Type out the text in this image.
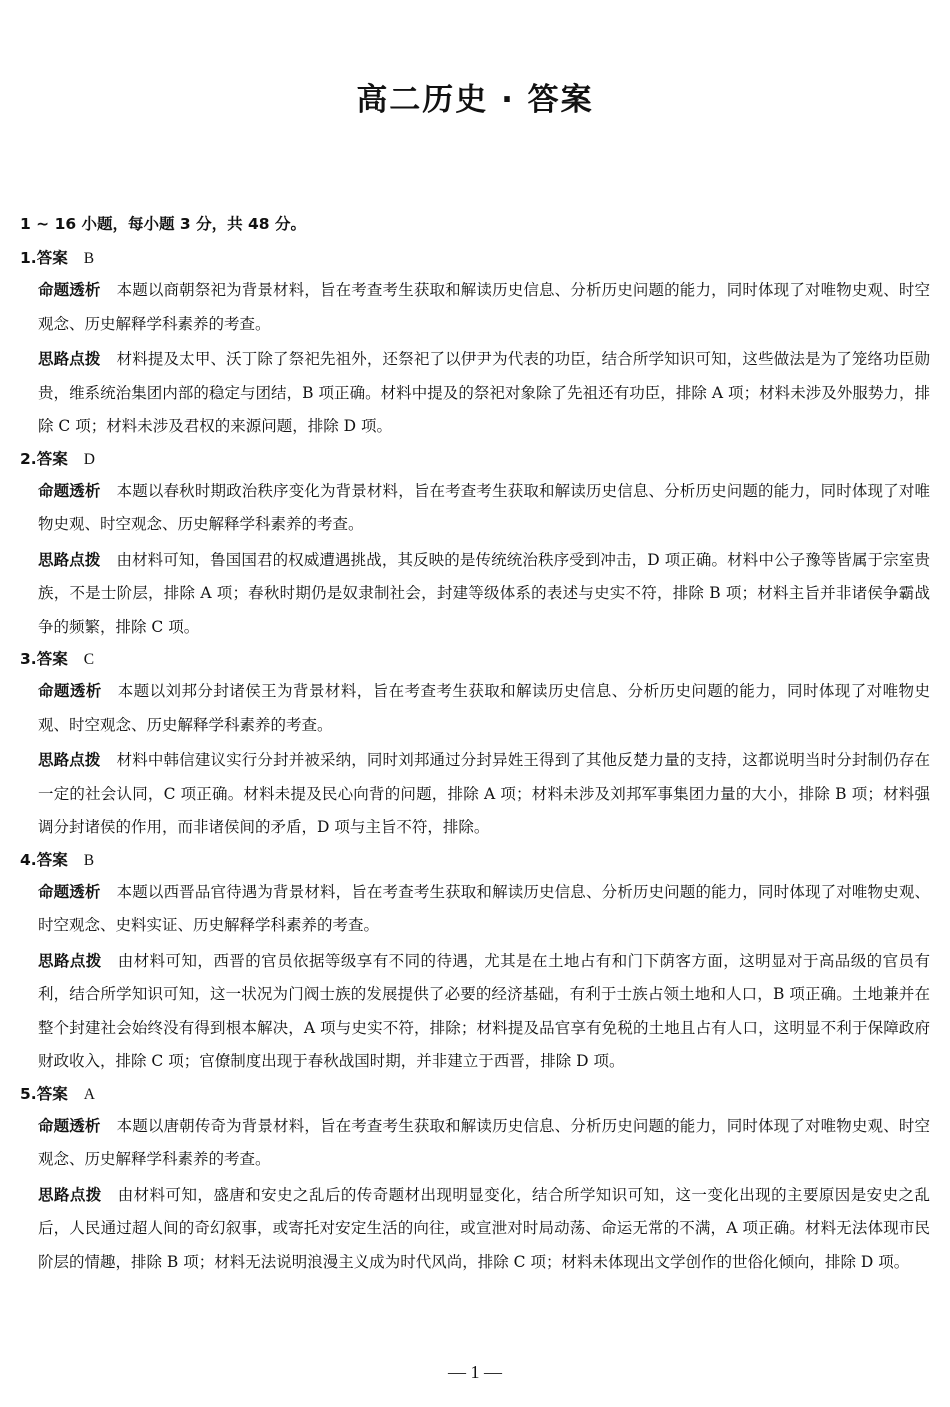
高二历史 · 答案
1 ~ 16 小题，每小题 3 分，共 48 分。
1.答案 B

命题透析 本题以商朝祭祀为背景材料，旨在考查考生获取和解读历史信息、分析历史问题的能力，同时体现了对唯物史观、时空观念、历史解释学科素养的考查。

思路点拨 材料提及太甲、沃丁除了祭祀先祖外，还祭祀了以伊尹为代表的功臣，结合所学知识可知，这些做法是为了笼络功臣勋贵，维系统治集团内部的稳定与团结，B 项正确。材料中提及的祭祀对象除了先祖还有功臣，排除 A 项；材料未涉及外服势力，排除 C 项；材料未涉及君权的来源问题，排除 D 项。

2.答案 D

命题透析 本题以春秋时期政治秩序变化为背景材料，旨在考查考生获取和解读历史信息、分析历史问题的能力，同时体现了对唯物史观、时空观念、历史解释学科素养的考查。

思路点拨 由材料可知，鲁国国君的权威遭遇挑战，其反映的是传统统治秩序受到冲击，D 项正确。材料中公子豫等皆属于宗室贵族，不是士阶层，排除 A 项；春秋时期仍是奴隶制社会，封建等级体系的表述与史实不符，排除 B 项；材料主旨并非诸侯争霸战争的频繁，排除 C 项。

3.答案 C

命题透析 本题以刘邦分封诸侯王为背景材料，旨在考查考生获取和解读历史信息、分析历史问题的能力，同时体现了对唯物史观、时空观念、历史解释学科素养的考查。

思路点拨 材料中韩信建议实行分封并被采纳，同时刘邦通过分封异姓王得到了其他反楚力量的支持，这都说明当时分封制仍存在一定的社会认同，C 项正确。材料未提及民心向背的问题，排除 A 项；材料未涉及刘邦军事集团力量的大小，排除 B 项；材料强调分封诸侯的作用，而非诸侯间的矛盾，D 项与主旨不符，排除。

4.答案 B

命题透析 本题以西晋品官待遇为背景材料，旨在考查考生获取和解读历史信息、分析历史问题的能力，同时体现了对唯物史观、时空观念、史料实证、历史解释学科素养的考查。

思路点拨 由材料可知，西晋的官员依据等级享有不同的待遇，尤其是在土地占有和门下荫客方面，这明显对于高品级的官员有利，结合所学知识可知，这一状况为门阀士族的发展提供了必要的经济基础，有利于士族占领土地和人口，B 项正确。土地兼并在整个封建社会始终没有得到根本解决，A 项与史实不符，排除；材料提及品官享有免税的土地且占有人口，这明显不利于保障政府财政收入，排除 C 项；官僚制度出现于春秋战国时期，并非建立于西晋，排除 D 项。

5.答案 A

命题透析 本题以唐朝传奇为背景材料，旨在考查考生获取和解读历史信息、分析历史问题的能力，同时体现了对唯物史观、时空观念、历史解释学科素养的考查。

思路点拨 由材料可知，盛唐和安史之乱后的传奇题材出现明显变化，结合所学知识可知，这一变化出现的主要原因是安史之乱后，人民通过超人间的奇幻叙事，或寄托对安定生活的向往，或宣泄对时局动荡、命运无常的不满，A 项正确。材料无法体现市民阶层的情趣，排除 B 项；材料无法说明浪漫主义成为时代风尚，排除 C 项；材料未体现出文学创作的世俗化倾向，排除 D 项。

— 1 —
